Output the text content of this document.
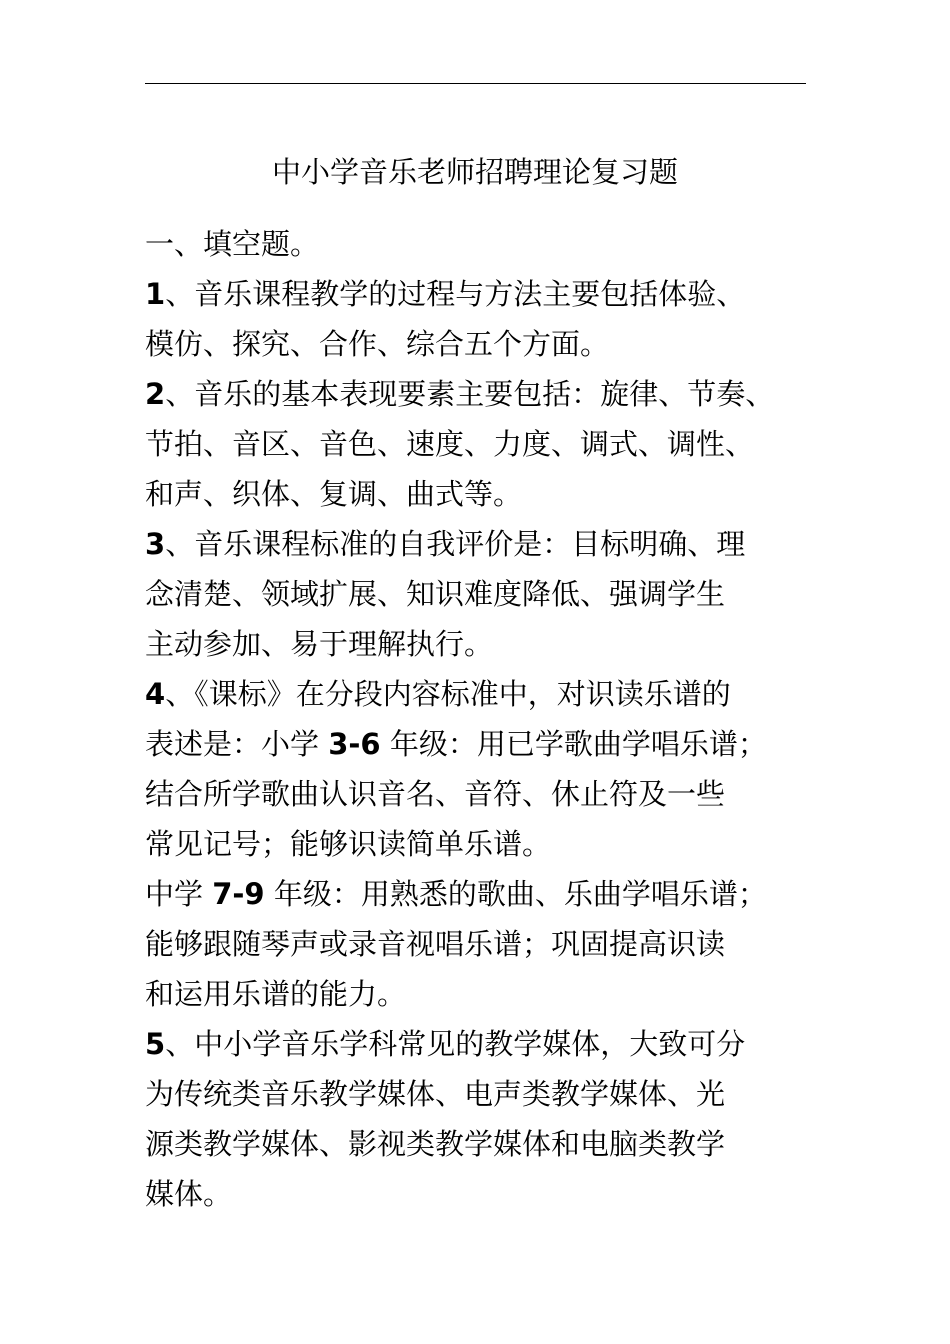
中小学音乐老师招聘理论复习题
一、填空题。
1、音乐课程教学的过程与方法主要包括体验、
模仿、探究、合作、综合五个方面。
2、音乐的基本表现要素主要包括：旋律、节奏、
节拍、音区、音色、速度、力度、调式、调性、
和声、织体、复调、曲式等。
3、音乐课程标准的自我评价是：目标明确、理
念清楚、领域扩展、知识难度降低、强调学生
主动参加、易于理解执行。
4、《课标》在分段内容标准中，对识读乐谱的
表述是：小学 3-6 年级：用已学歌曲学唱乐谱；
结合所学歌曲认识音名、音符、休止符及一些
常见记号；能够识读简单乐谱。
中学 7-9 年级：用熟悉的歌曲、乐曲学唱乐谱；
能够跟随琴声或录音视唱乐谱；巩固提高识读
和运用乐谱的能力。
5、中小学音乐学科常见的教学媒体，大致可分
为传统类音乐教学媒体、电声类教学媒体、光
源类教学媒体、影视类教学媒体和电脑类教学
媒体。
